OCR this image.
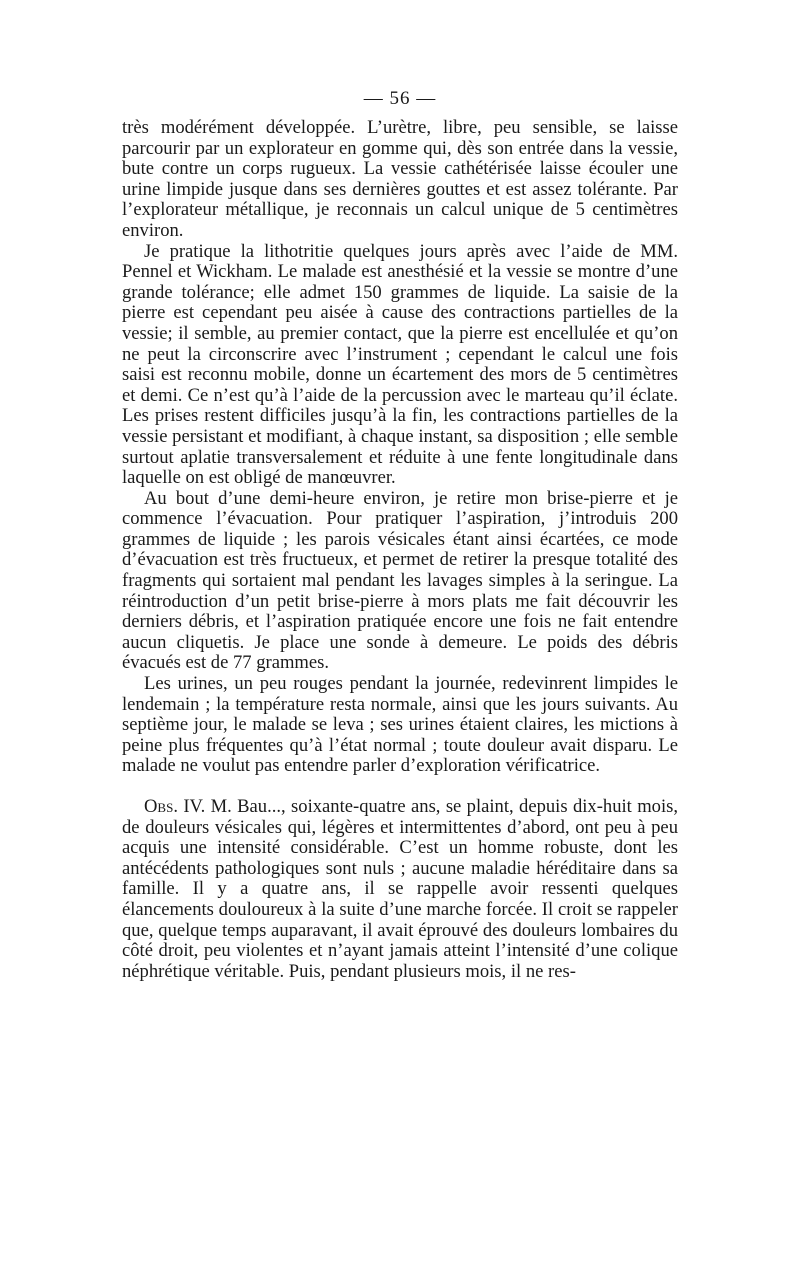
— 56 —

très modérément développée. L’urètre, libre, peu sensible, se laisse parcourir par un explorateur en gomme qui, dès son entrée dans la vessie, bute contre un corps rugueux. La vessie cathétérisée laisse écouler une urine limpide jusque dans ses dernières gouttes et est assez tolérante. Par l’explorateur métallique, je reconnais un calcul unique de 5 centimètres environ.

Je pratique la lithotritie quelques jours après avec l’aide de MM. Pennel et Wickham. Le malade est anesthésié et la vessie se montre d’une grande tolérance; elle admet 150 grammes de liquide. La saisie de la pierre est cependant peu aisée à cause des contractions partielles de la vessie; il semble, au premier contact, que la pierre est encellulée et qu’on ne peut la circonscrire avec l’instrument ; cependant le calcul une fois saisi est reconnu mobile, donne un écartement des mors de 5 centimètres et demi. Ce n’est qu’à l’aide de la percussion avec le marteau qu’il éclate. Les prises restent difficiles jusqu’à la fin, les contractions partielles de la vessie persistant et modifiant, à chaque instant, sa disposition ; elle semble surtout aplatie transversalement et réduite à une fente longitudinale dans laquelle on est obligé de manœuvrer.

Au bout d’une demi-heure environ, je retire mon brise-pierre et je commence l’évacuation. Pour pratiquer l’aspiration, j’introduis 200 grammes de liquide ; les parois vésicales étant ainsi écartées, ce mode d’évacuation est très fructueux, et permet de retirer la presque totalité des fragments qui sortaient mal pendant les lavages simples à la seringue. La réintroduction d’un petit brise-pierre à mors plats me fait découvrir les derniers débris, et l’aspiration pratiquée encore une fois ne fait entendre aucun cliquetis. Je place une sonde à demeure. Le poids des débris évacués est de 77 grammes.

Les urines, un peu rouges pendant la journée, redevinrent limpides le lendemain ; la température resta normale, ainsi que les jours suivants. Au septième jour, le malade se leva ; ses urines étaient claires, les mictions à peine plus fréquentes qu’à l’état normal ; toute douleur avait disparu. Le malade ne voulut pas entendre parler d’exploration vérificatrice.

Obs. IV. M. Bau..., soixante-quatre ans, se plaint, depuis dix-huit mois, de douleurs vésicales qui, légères et intermittentes d’abord, ont peu à peu acquis une intensité considérable. C’est un homme robuste, dont les antécédents pathologiques sont nuls ; aucune maladie héréditaire dans sa famille. Il y a quatre ans, il se rappelle avoir ressenti quelques élancements douloureux à la suite d’une marche forcée. Il croit se rappeler que, quelque temps auparavant, il avait éprouvé des douleurs lombaires du côté droit, peu violentes et n’ayant jamais atteint l’intensité d’une colique néphrétique véritable. Puis, pendant plusieurs mois, il ne res-
